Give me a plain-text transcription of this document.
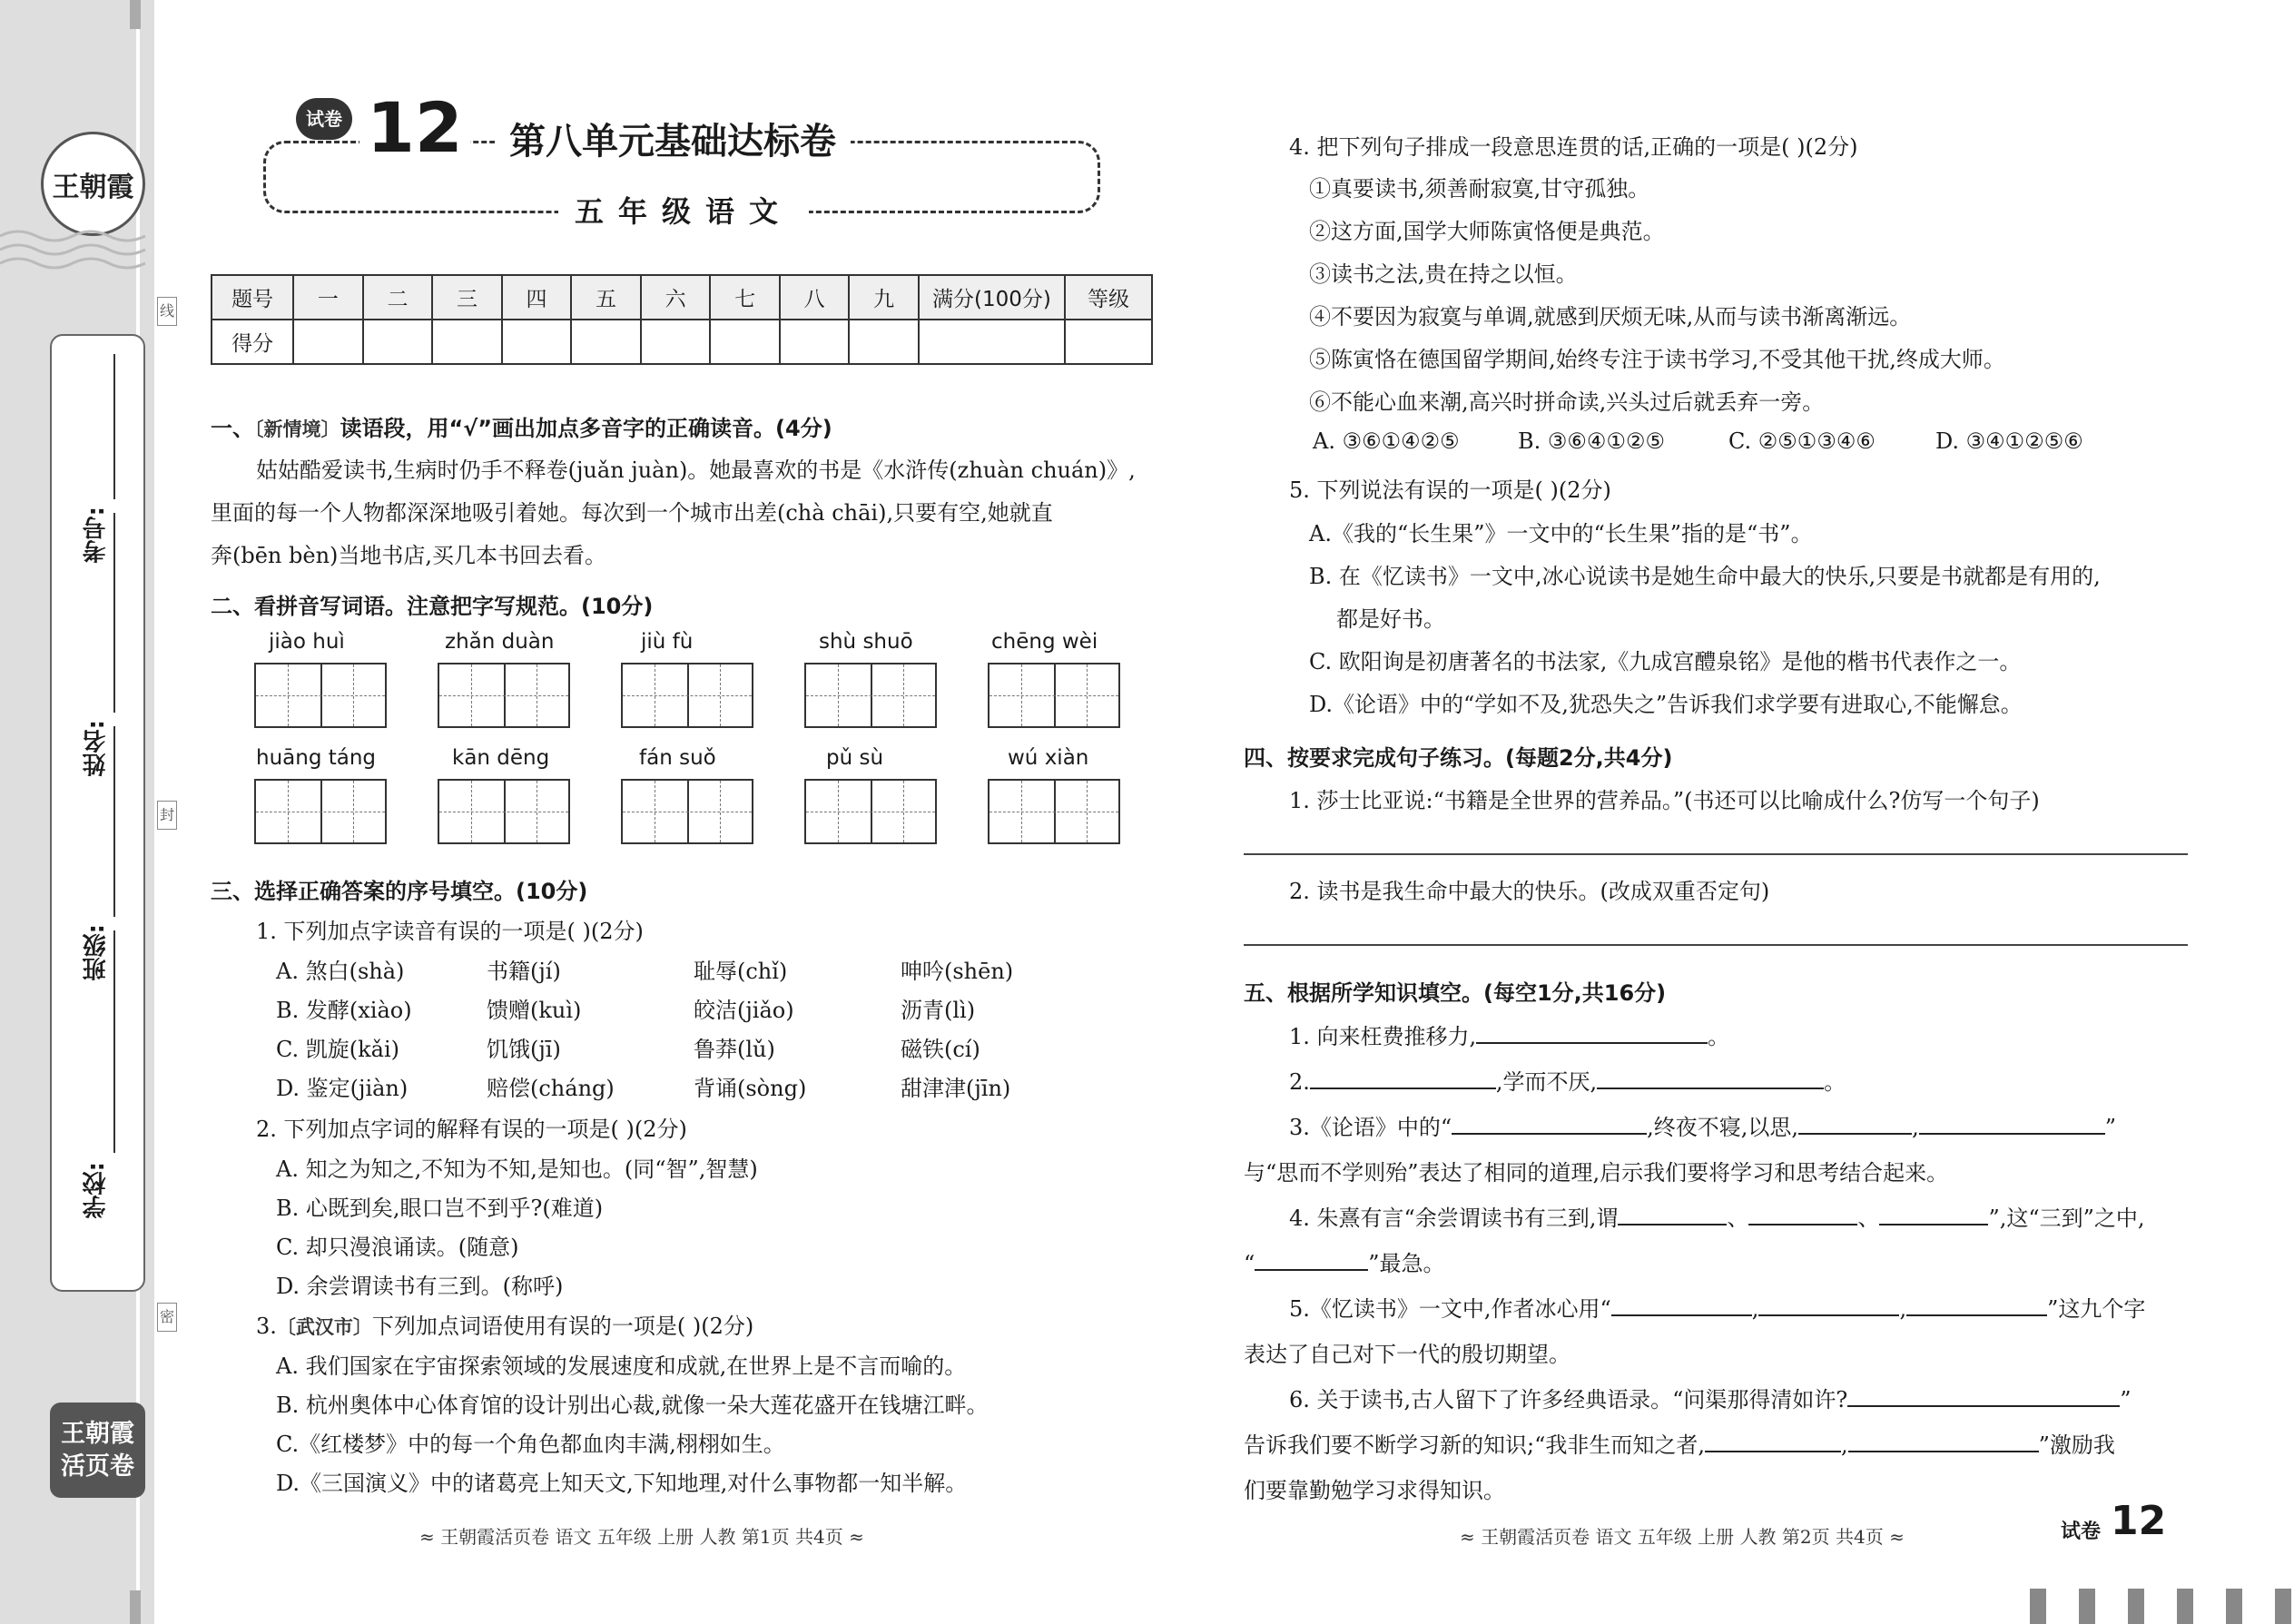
王朝霞
学校:
班级:
姓名:
考号:
线
封
密
王朝霞
活页卷
试卷 12	第八单元基础达标卷
五年级语文
题号	一	二	三	四	五	六	七	八	九	满分(100分)	等级
得分											
一、〔新情境〕读语段，用“√”画出加点多音字的正确读音。(4分)
姑姑酷爱读书,生病时仍手不释卷(juǎn juàn)。她最喜欢的书是《水浒传(zhuàn chuán)》,
里面的每一个人物都深深地吸引着她。每次到一个城市出差(chà chāi),只要有空,她就直
奔(bēn bèn)当地书店,买几本书回去看。
二、看拼音写词语。注意把字写规范。(10分)
jiào huì	zhǎn duàn	jiù fù	shù shuō	chēng wèi
huāng táng	kān dēng	fán suǒ	pǔ sù	wú xiàn
三、选择正确答案的序号填空。(10分)
1. 下列加点字读音有误的一项是( )(2分)
A. 煞白(shà)	书籍(jí)	耻辱(chǐ)	呻吟(shēn)
B. 发酵(xiào)	馈赠(kuì)	皎洁(jiǎo)	沥青(lì)
C. 凯旋(kǎi)	饥饿(jī)	鲁莽(lǔ)	磁铁(cí)
D. 鉴定(jiàn)	赔偿(cháng)	背诵(sòng)	甜津津(jīn)
2. 下列加点字词的解释有误的一项是( )(2分)
A. 知之为知之,不知为不知,是知也。(同“智”,智慧)
B. 心既到矣,眼口岂不到乎?(难道)
C. 却只漫浪诵读。(随意)
D. 余尝谓读书有三到。(称呼)
3.〔武汉市〕下列加点词语使用有误的一项是( )(2分)
A. 我们国家在宇宙探索领域的发展速度和成就,在世界上是不言而喻的。
B. 杭州奥体中心体育馆的设计别出心裁,就像一朵大莲花盛开在钱塘江畔。
C.《红楼梦》中的每一个角色都血肉丰满,栩栩如生。
D.《三国演义》中的诸葛亮上知天文,下知地理,对什么事物都一知半解。
≈ 王朝霞活页卷 语文 五年级 上册 人教 第1页 共4页 ≈
4. 把下列句子排成一段意思连贯的话,正确的一项是( )(2分)
①真要读书,须善耐寂寞,甘守孤独。
②这方面,国学大师陈寅恪便是典范。
③读书之法,贵在持之以恒。
④不要因为寂寞与单调,就感到厌烦无味,从而与读书渐离渐远。
⑤陈寅恪在德国留学期间,始终专注于读书学习,不受其他干扰,终成大师。
⑥不能心血来潮,高兴时拼命读,兴头过后就丢弃一旁。
A. ③⑥①④②⑤	B. ③⑥④①②⑤	C. ②⑤①③④⑥	D. ③④①②⑤⑥
5. 下列说法有误的一项是( )(2分)
A.《我的“长生果”》一文中的“长生果”指的是“书”。
B. 在《忆读书》一文中,冰心说读书是她生命中最大的快乐,只要是书就都是有用的,
都是好书。
C. 欧阳询是初唐著名的书法家,《九成宫醴泉铭》是他的楷书代表作之一。
D.《论语》中的“学如不及,犹恐失之”告诉我们求学要有进取心,不能懈怠。
四、按要求完成句子练习。(每题2分,共4分)
1. 莎士比亚说:“书籍是全世界的营养品。”(书还可以比喻成什么?仿写一个句子)
2. 读书是我生命中最大的快乐。(改成双重否定句)
五、根据所学知识填空。(每空1分,共16分)
1. 向来枉费推移力,	。
2.	,学而不厌,	。
3.《论语》中的“	,终夜不寝,以思,	,	”
与“思而不学则殆”表达了相同的道理,启示我们要将学习和思考结合起来。
4. 朱熹有言“余尝谓读书有三到,谓	、	、	”,这“三到”之中,
“	”最急。
5.《忆读书》一文中,作者冰心用“	,	,	”这九个字
表达了自己对下一代的殷切期望。
6. 关于读书,古人留下了许多经典语录。“问渠那得清如许?	”
告诉我们要不断学习新的知识;“我非生而知之者,	,	”激励我
们要靠勤勉学习求得知识。
≈ 王朝霞活页卷 语文 五年级 上册 人教 第2页 共4页 ≈	试卷 12
